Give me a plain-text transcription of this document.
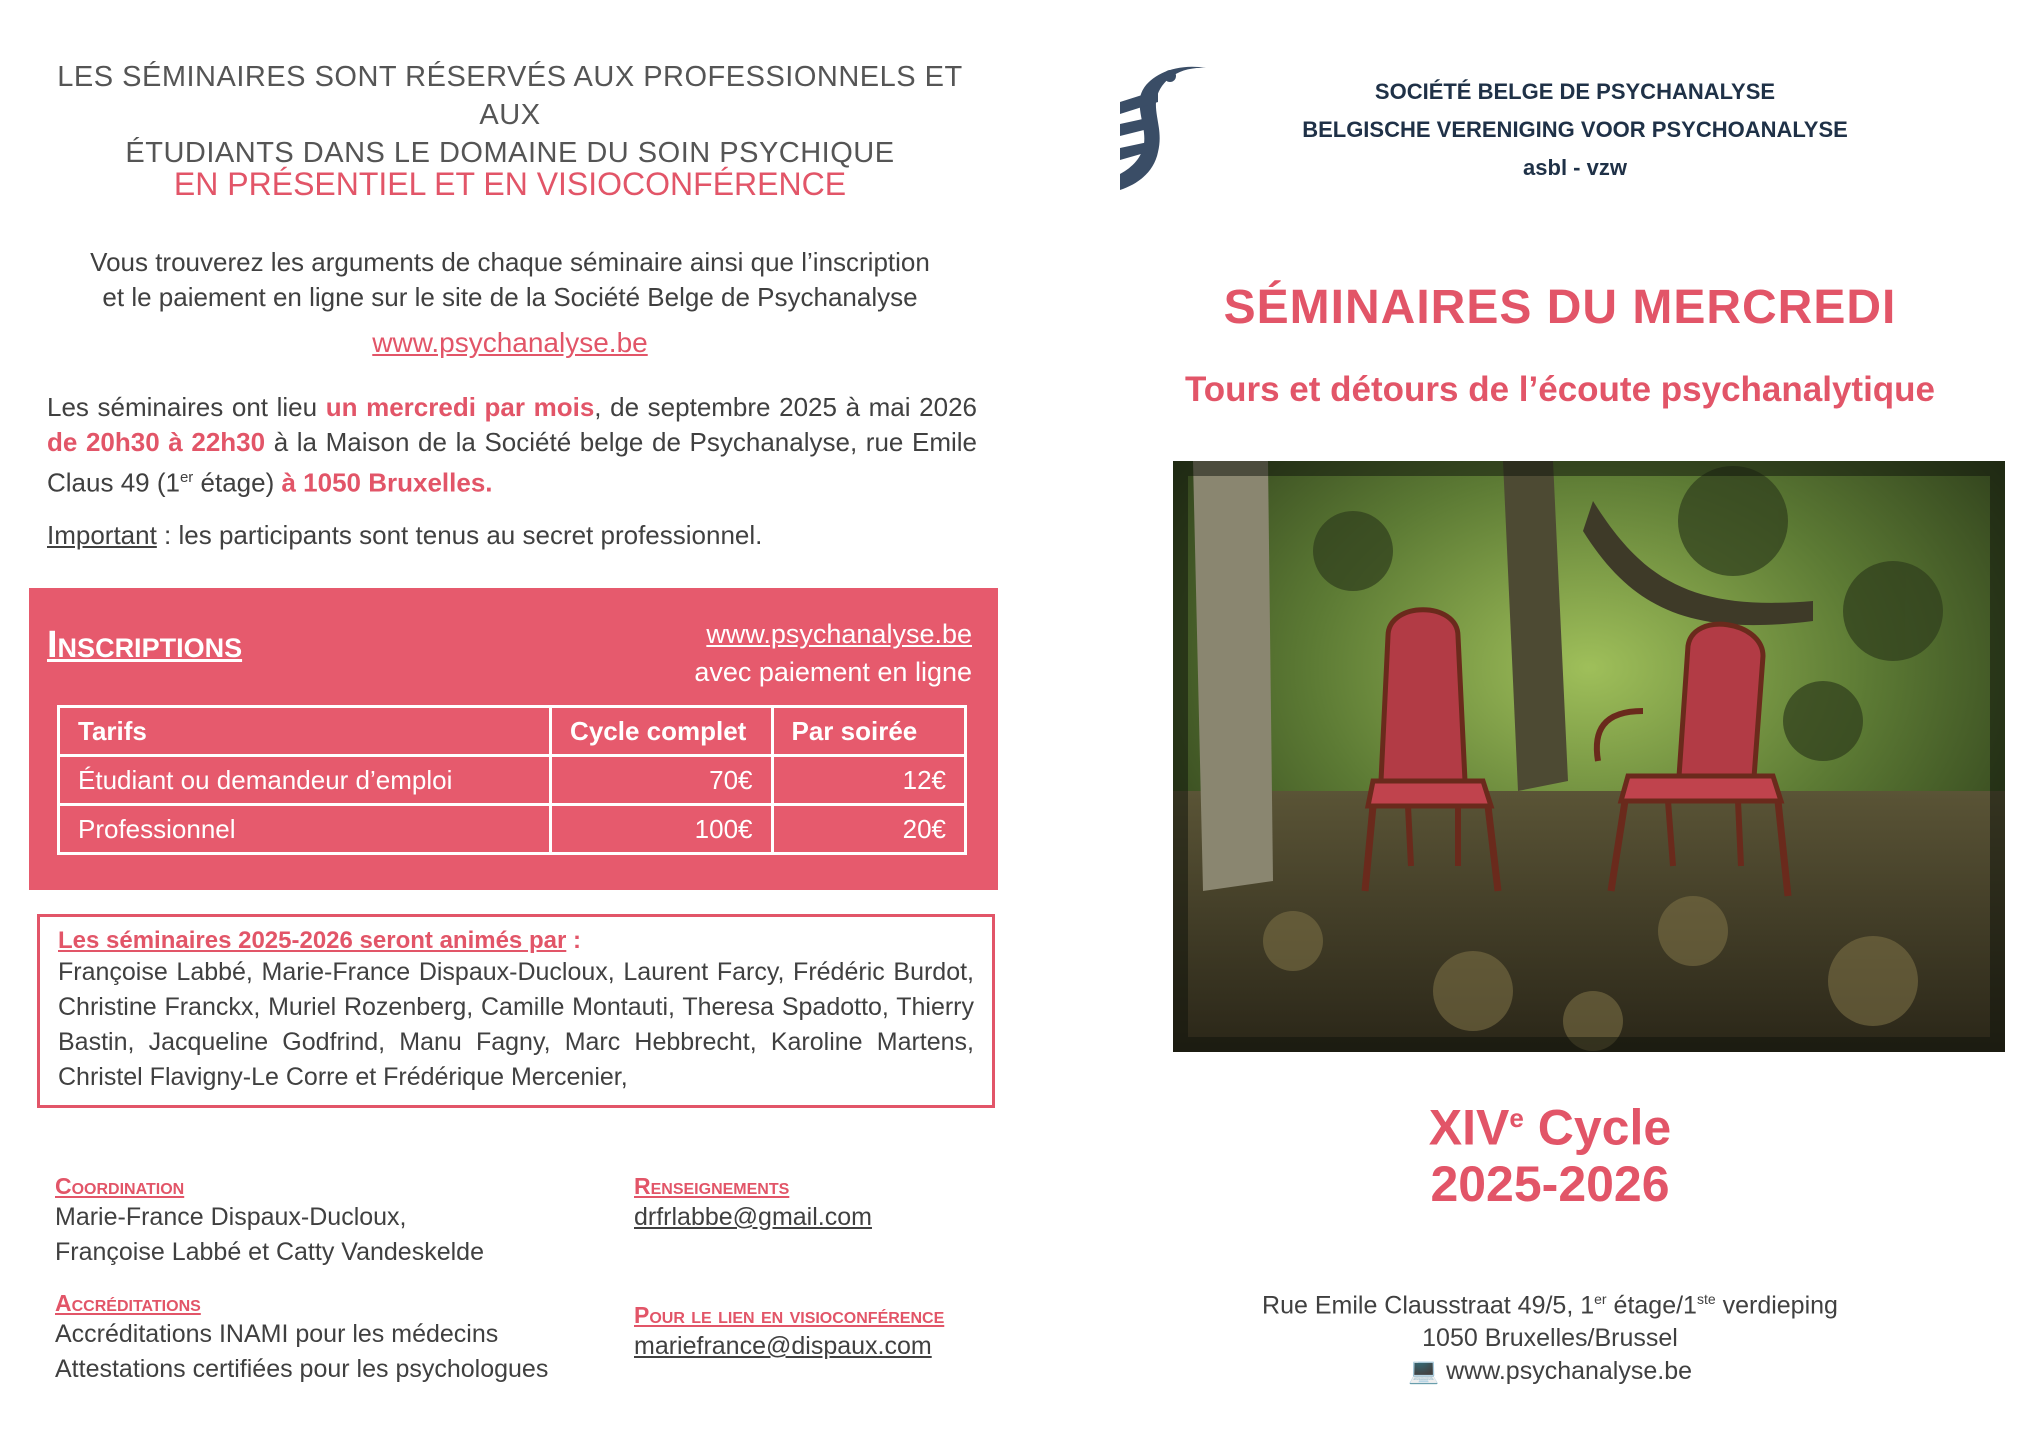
LES SÉMINAIRES SONT RÉSERVÉS AUX PROFESSIONNELS ET AUX
ÉTUDIANTS DANS LE DOMAINE DU SOIN PSYCHIQUE
EN PRÉSENTIEL ET EN VISIOCONFÉRENCE
Vous trouverez les arguments de chaque séminaire ainsi que l’inscription
et le paiement en ligne sur le site de la Société Belge de Psychanalyse
www.psychanalyse.be
Les séminaires ont lieu un mercredi par mois, de septembre 2025 à mai 2026 de 20h30 à 22h30 à la Maison de la Société belge de Psychanalyse, rue Emile Claus 49 (1er étage) à 1050 Bruxelles.
Important : les participants sont tenus au secret professionnel.
Inscriptions	www.psychanalyse.be
avec paiement en ligne
Tarifs	Cycle complet	Par soirée
Étudiant ou demandeur d’emploi	70€	12€
Professionnel	100€	20€
Les séminaires 2025-2026 seront animés par :
Françoise Labbé, Marie-France Dispaux-Ducloux, Laurent Farcy, Frédéric Burdot, Christine Franckx, Muriel Rozenberg, Camille Montauti, Theresa Spadotto, Thierry Bastin, Jacqueline Godfrind, Manu Fagny, Marc Hebbrecht, Karoline Martens, Christel Flavigny-Le Corre et Frédérique Mercenier,
Coordination
Marie-France Dispaux-Ducloux,
Françoise Labbé et Catty Vandeskelde
Accréditations
Accréditations INAMI pour les médecins
Attestations certifiées pour les psychologues
Renseignements
drfrlabbe@gmail.com
Pour le lien en visioconférence
mariefrance@dispaux.com
SOCIÉTÉ BELGE DE PSYCHANALYSE
BELGISCHE VERENIGING VOOR PSYCHOANALYSE
asbl - vzw
SÉMINAIRES DU MERCREDI
Tours et détours de l’écoute psychanalytique
XIVe Cycle
2025-2026
Rue Emile Clausstraat 49/5, 1er étage/1ste verdieping
1050 Bruxelles/Brussel
💻 www.psychanalyse.be
